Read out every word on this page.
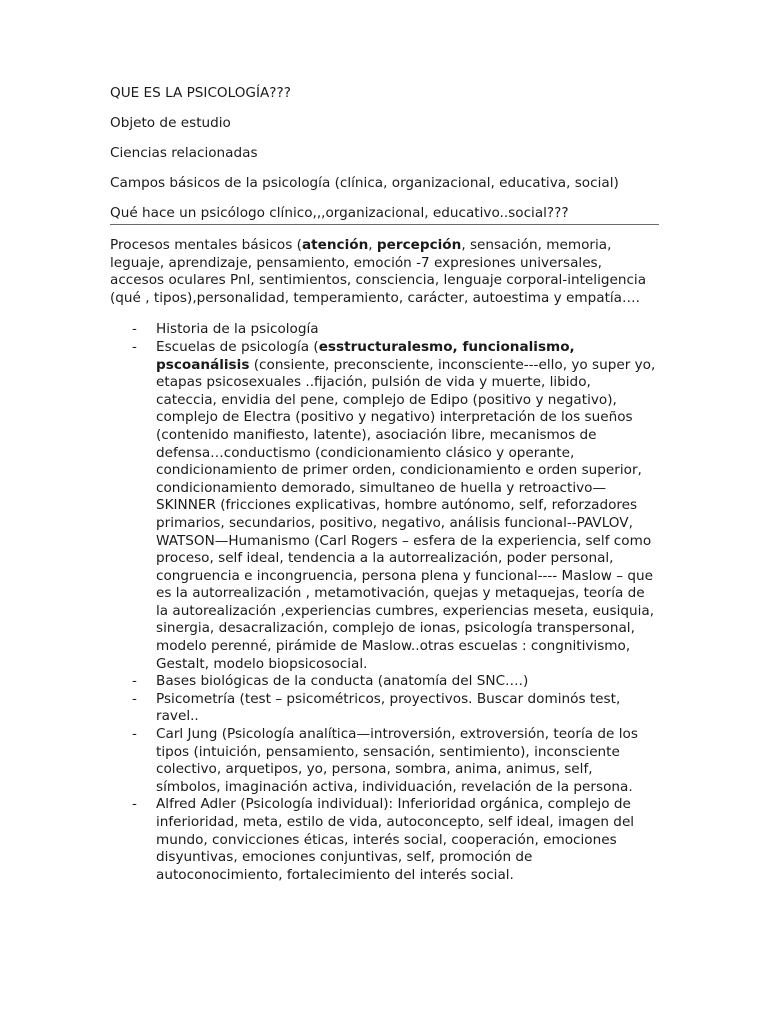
QUE ES LA PSICOLOGÍA???
Objeto de estudio
Ciencias relacionadas
Campos básicos de la psicología (clínica, organizacional, educativa, social)
Qué hace un psicólogo clínico,,,organizacional, educativo..social???

Procesos mentales básicos (atención, percepción, sensación, memoria, leguaje, aprendizaje, pensamiento, emoción -7 expresiones universales, accesos oculares Pnl, sentimientos, consciencia, lenguaje corporal-inteligencia (qué , tipos),personalidad, temperamiento, carácter, autoestima y empatía….

- Historia de la psicología
- Escuelas de psicología (esstructuralesmo, funcionalismo, pscoanálisis (consiente, preconsciente, inconsciente---ello, yo super yo, etapas psicosexuales ..fijación, pulsión de vida y muerte, libido, cateccia, envidia del pene, complejo de Edipo (positivo y negativo), complejo de Electra (positivo y negativo) interpretación de los sueños (contenido manifiesto, latente), asociación libre, mecanismos de defensa…conductismo (condicionamiento clásico y operante, condicionamiento de primer orden, condicionamiento e orden superior, condicionamiento demorado, simultaneo de huella y retroactivo—SKINNER (fricciones explicativas, hombre autónomo, self, reforzadores primarios, secundarios, positivo, negativo, análisis funcional--PAVLOV, WATSON—Humanismo (Carl Rogers – esfera de la experiencia, self como proceso, self ideal, tendencia a la autorrealización, poder personal, congruencia e incongruencia, persona plena y funcional---- Maslow – que es la autorrealización , metamotivación, quejas y metaquejas, teoría de la autorealización ,experiencias cumbres, experiencias meseta, eusiquia, sinergia, desacralización, complejo de ionas, psicología transpersonal, modelo perenné, pirámide de Maslow..otras escuelas : congnitivismo, Gestalt, modelo biopsicosocial.
- Bases biológicas de la conducta (anatomía del SNC….)
- Psicometría (test – psicométricos, proyectivos. Buscar dominós test, ravel..
- Carl Jung (Psicología analítica—introversión, extroversión, teoría de los tipos (intuición, pensamiento, sensación, sentimiento), inconsciente colectivo, arquetipos, yo, persona, sombra, anima, animus, self, símbolos, imaginación activa, individuación, revelación de la persona.
- Alfred Adler (Psicología individual): Inferioridad orgánica, complejo de inferioridad, meta, estilo de vida, autoconcepto, self ideal, imagen del mundo, convicciones éticas, interés social, cooperación, emociones disyuntivas, emociones conjuntivas, self, promoción de autoconocimiento, fortalecimiento del interés social.
